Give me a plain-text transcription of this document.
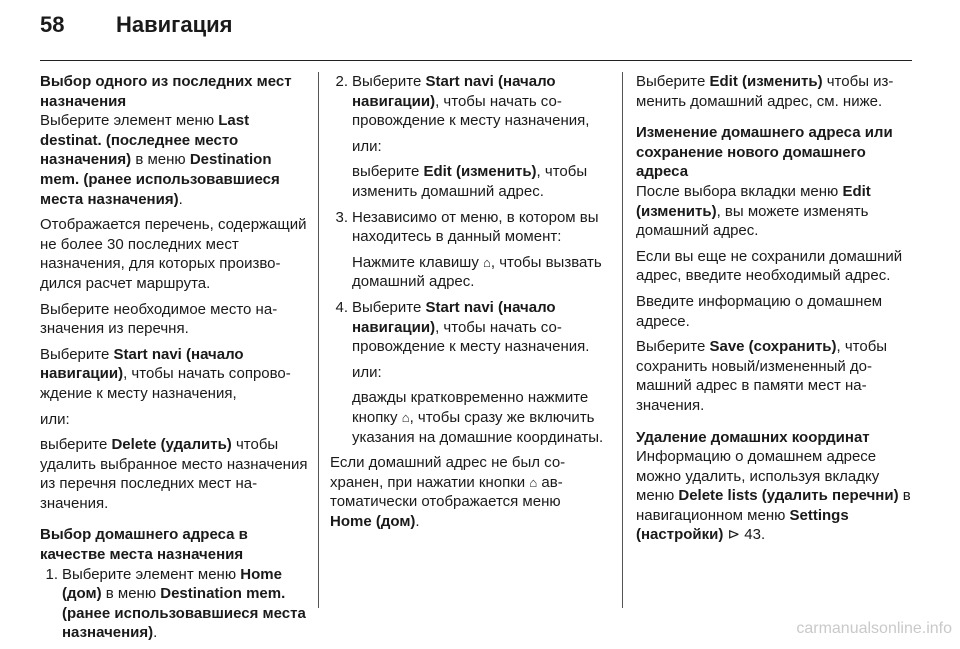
58	Навигация
Выбор одного из последних мест назначения

Выберите элемент меню Last destinat. (последнее место назначения) в меню Destination mem. (ранее использовавшиеся места назначения).

Отображается перечень, содержащий не более 30 последних мест назначения, для которых производился расчет маршрута.

Выберите необходимое место назначения из перечня.

Выберите Start navi (начало навигации), чтобы начать сопровождение к месту назначения,

или:

выберите Delete (удалить) чтобы удалить выбранное место назначения из перечня последних мест назначения.

Выбор домашнего адреса в качестве места назначения
1. Выберите элемент меню Home (дом) в меню Destination mem. (ранее использовавшиеся места назначения).

2. Выберите Start navi (начало навигации), чтобы начать сопровождение к месту назначения,

или:

выберите Edit (изменить), чтобы изменить домашний адрес.

3. Независимо от меню, в котором вы находитесь в данный момент:

Нажмите клавишу ⌂, чтобы вызвать домашний адрес.

4. Выберите Start navi (начало навигации), чтобы начать сопровождение к месту назначения.

или:

дважды кратковременно нажмите кнопку ⌂, чтобы сразу же включить указания на домашние координаты.

Если домашний адрес не был сохранен, при нажатии кнопки ⌂ автоматически отображается меню Home (дом).

Выберите Edit (изменить) чтобы изменить домашний адрес, см. ниже.

Изменение домашнего адреса или сохранение нового домашнего адреса

После выбора вкладки меню Edit (изменить), вы можете изменять домашний адрес.

Если вы еще не сохранили домашний адрес, введите необходимый адрес.

Введите информацию о домашнем адресе.

Выберите Save (сохранить), чтобы сохранить новый/измененный домашний адрес в памяти мест назначения.

Удаление домашних координат

Информацию о домашнем адресе можно удалить, используя вкладку меню Delete lists (удалить перечни) в навигационном меню Settings (настройки) ⊳ 43.

carmanualsonline.info
